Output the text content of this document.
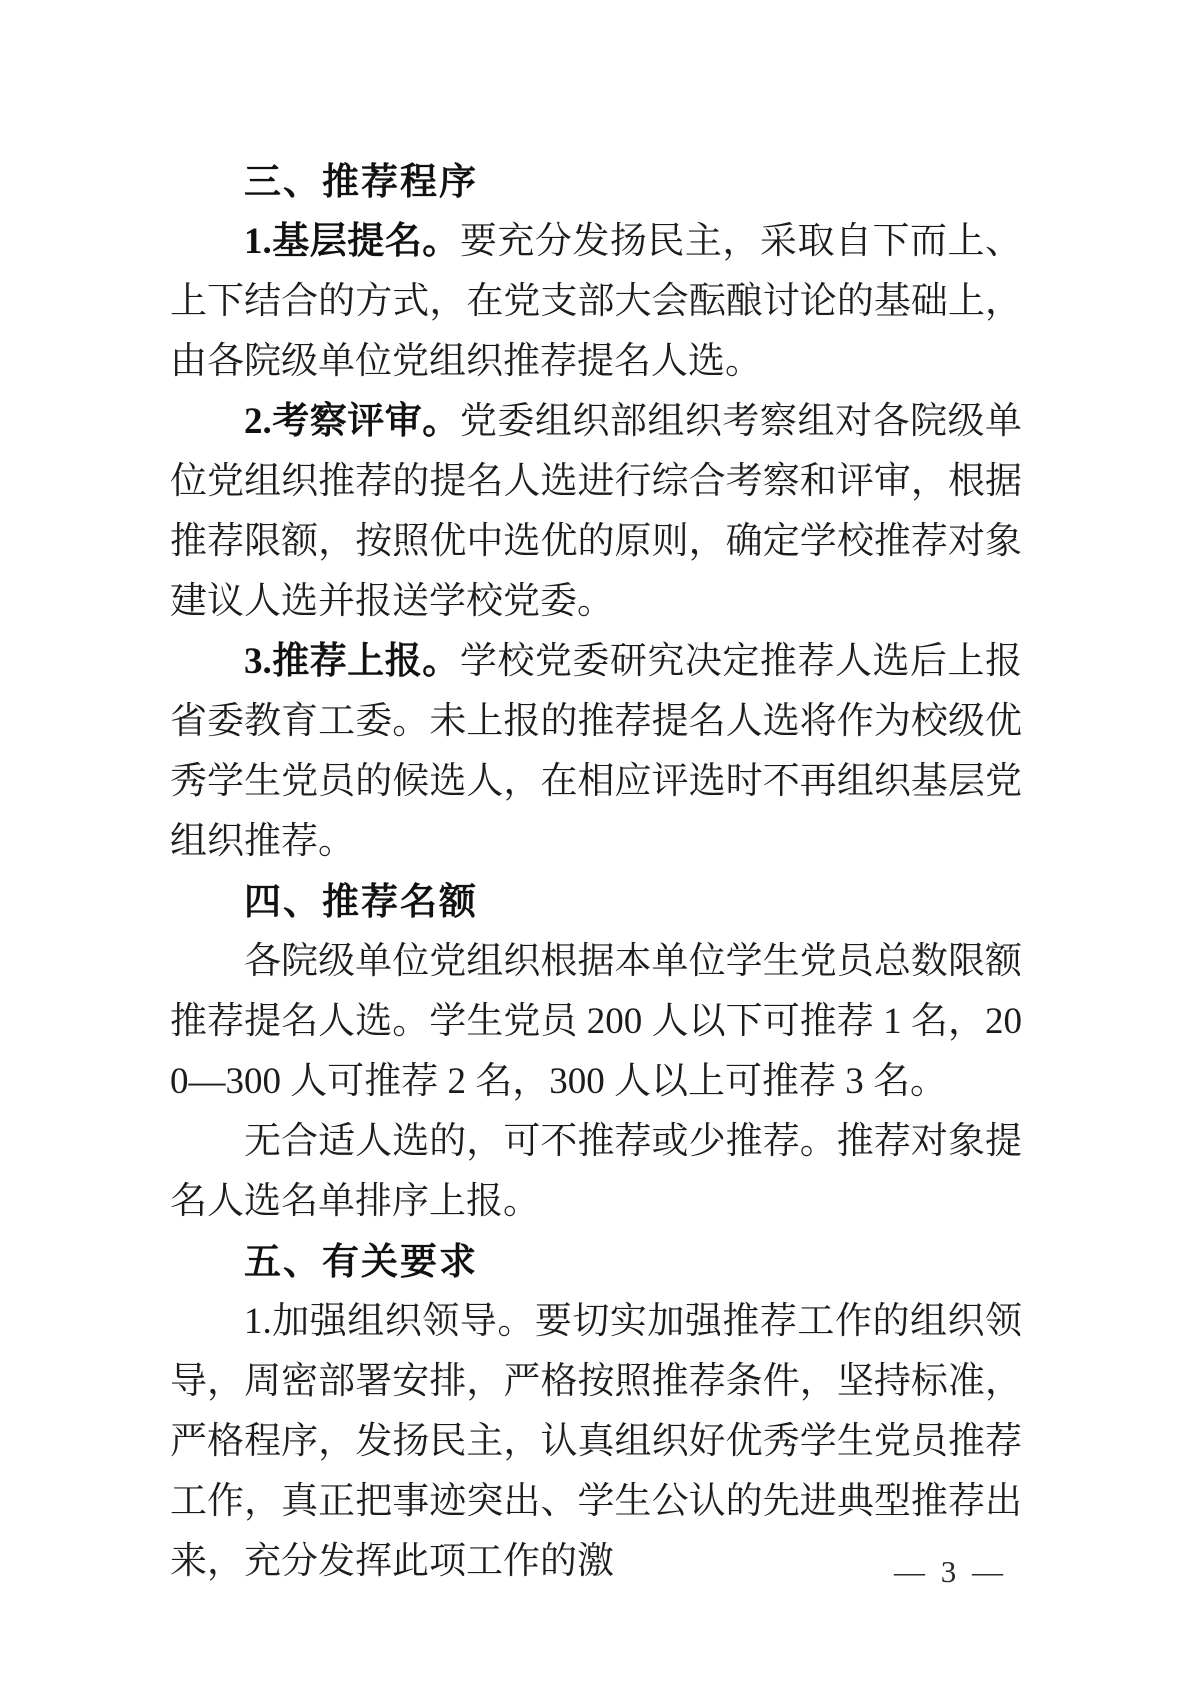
三、推荐程序

1.基层提名。要充分发扬民主，采取自下而上、上下结合的方式，在党支部大会酝酿讨论的基础上，由各院级单位党组织推荐提名人选。

2.考察评审。党委组织部组织考察组对各院级单位党组织推荐的提名人选进行综合考察和评审，根据推荐限额，按照优中选优的原则，确定学校推荐对象建议人选并报送学校党委。

3.推荐上报。学校党委研究决定推荐人选后上报省委教育工委。未上报的推荐提名人选将作为校级优秀学生党员的候选人，在相应评选时不再组织基层党组织推荐。

四、推荐名额

各院级单位党组织根据本单位学生党员总数限额推荐提名人选。学生党员 200 人以下可推荐 1 名，200—300 人可推荐 2 名，300 人以上可推荐 3 名。

无合适人选的，可不推荐或少推荐。推荐对象提名人选名单排序上报。

五、有关要求

1.加强组织领导。要切实加强推荐工作的组织领导，周密部署安排，严格按照推荐条件，坚持标准，严格程序，发扬民主，认真组织好优秀学生党员推荐工作，真正把事迹突出、学生公认的先进典型推荐出来，充分发挥此项工作的激	— 3 —
